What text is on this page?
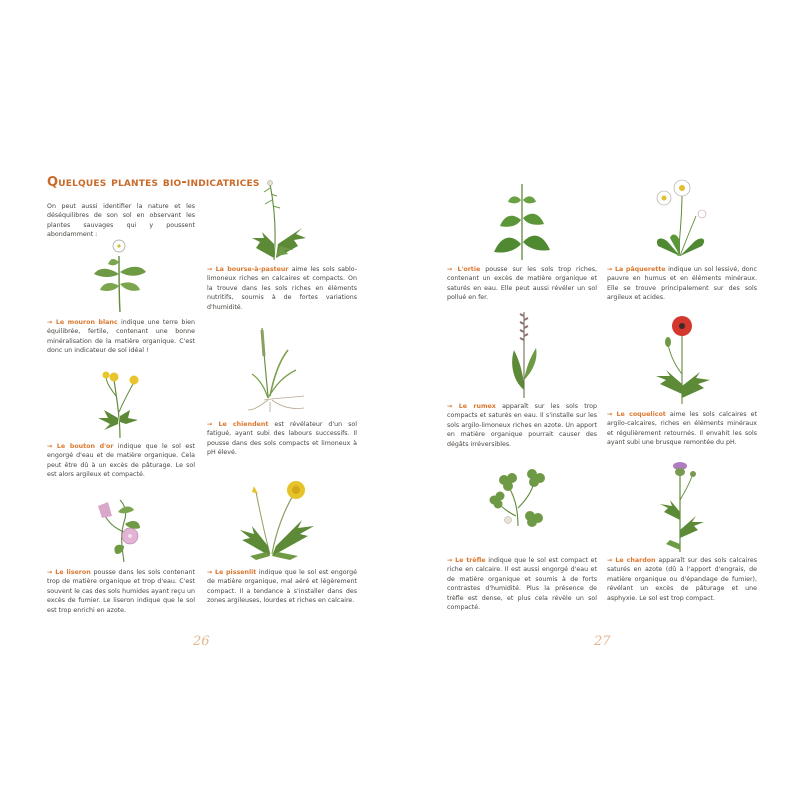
Quelques plantes bio-indicatrices
On peut aussi identifier la nature et les déséquilibres de son sol en observant les plantes sauvages qui y poussent abondamment :
→ Le mouron blanc indique une terre bien équilibrée, fertile, contenant une bonne minéralisation de la matière organique. C'est donc un indicateur de sol idéal !
→ Le bouton d'or indique que le sol est engorgé d'eau et de matière organique. Cela peut être dû à un excès de pâturage. Le sol est alors argileux et compacté.
→ Le liseron pousse dans les sols contenant trop de matière organique et trop d'eau. C'est souvent le cas des sols humides ayant reçu un excès de fumier. Le liseron indique que le sol est trop enrichi en azote.
→ La bourse-à-pasteur aime les sols sablo-limoneux riches en calcaires et compacts. On la trouve dans les sols riches en éléments nutritifs, soumis à de fortes variations d'humidité.
→ Le chiendent est révélateur d'un sol fatigué, ayant subi des labours successifs. Il pousse dans des sols compacts et limoneux à pH élevé.
→ Le pissenlit indique que le sol est engorgé de matière organique, mal aéré et légèrement compact. Il a tendance à s'installer dans des zones argileuses, lourdes et riches en calcaire.
26
→ L'ortie pousse sur les sols trop riches, contenant un excès de matière organique et saturés en eau. Elle peut aussi révéler un sol pollué en fer.
→ Le rumex apparaît sur les sols trop compacts et saturés en eau. Il s'installe sur les sols argilo-limoneux riches en azote. Un apport en matière organique pourrait causer des dégâts irréversibles.
→ Le trèfle indique que le sol est compact et riche en calcaire. Il est aussi engorgé d'eau et de matière organique et soumis à de forts contrastes d'humidité. Plus la présence de trèfle est dense, et plus cela révèle un sol compacté.
→ La pâquerette indique un sol lessivé, donc pauvre en humus et en éléments minéraux. Elle se trouve principalement sur des sols argileux et acides.
→ Le coquelicot aime les sols calcaires et argilo-calcaires, riches en éléments minéraux et régulièrement retournés. Il envahit les sols ayant subi une brusque remontée du pH.
→ Le chardon apparaît sur des sols calcaires saturés en azote (dû à l'apport d'engrais, de matière organique ou d'épandage de fumier), révélant un excès de pâturage et une asphyxie. Le sol est trop compact.
27
